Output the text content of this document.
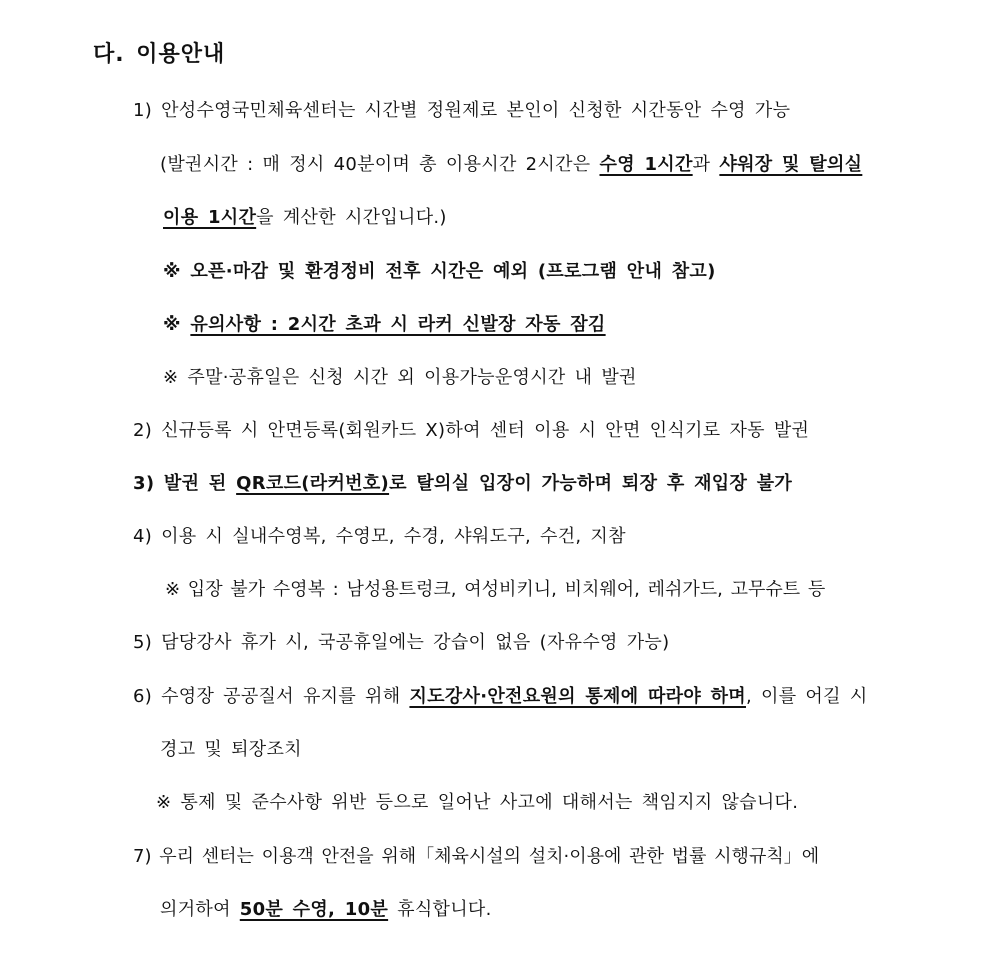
다. 이용안내
1) 안성수영국민체육센터는 시간별 정원제로 본인이 신청한 시간동안 수영 가능
(발권시간 : 매 정시 40분이며 총 이용시간 2시간은 수영 1시간과 샤워장 및 탈의실
이용 1시간을 계산한 시간입니다.)
※ 오픈·마감 및 환경정비 전후 시간은 예외 (프로그램 안내 참고)
※ 유의사항 : 2시간 초과 시 라커 신발장 자동 잠김
※ 주말·공휴일은 신청 시간 외 이용가능운영시간 내 발권
2) 신규등록 시 안면등록(회원카드 X)하여 센터 이용 시 안면 인식기로 자동 발권
3) 발권 된 QR코드(라커번호)로 탈의실 입장이 가능하며 퇴장 후 재입장 불가
4) 이용 시 실내수영복, 수영모, 수경, 샤워도구, 수건, 지참
※ 입장 불가 수영복 : 남성용트렁크, 여성비키니, 비치웨어, 레쉬가드, 고무슈트 등
5) 담당강사 휴가 시, 국공휴일에는 강습이 없음 (자유수영 가능)
6) 수영장 공공질서 유지를 위해 지도강사·안전요원의 통제에 따라야 하며, 이를 어길 시
경고 및 퇴장조치
※ 통제 및 준수사항 위반 등으로 일어난 사고에 대해서는 책임지지 않습니다.
7) 우리 센터는 이용객 안전을 위해「체육시설의 설치·이용에 관한 법률 시행규칙」에
의거하여 50분 수영, 10분 휴식합니다.
